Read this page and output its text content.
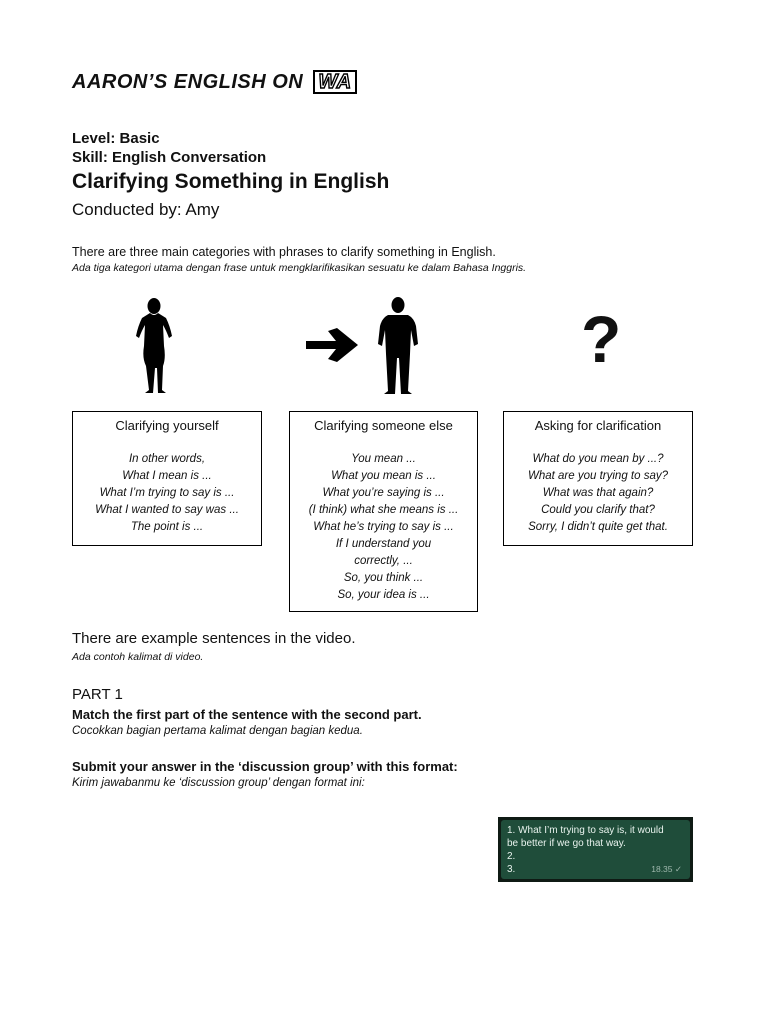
AARON’S ENGLISH ON WA
Level: Basic
Skill: English Conversation
Clarifying Something in English
Conducted by: Amy
There are three main categories with phrases to clarify something in English.
Ada tiga kategori utama dengan frase untuk mengklarifikasikan sesuatu ke dalam Bahasa Inggris.
?
Clarifying yourself
In other words,
What I mean is ...
What I’m trying to say is ...
What I wanted to say was ...
The point is ...
Clarifying someone else
You mean ...
What you mean is ...
What you’re saying is ...
(I think) what she means is ...
What he’s trying to say is ...
If I understand you
correctly, ...
So, you think ...
So, your idea is ...
Asking for clarification
What do you mean by ...?
What are you trying to say?
What was that again?
Could you clarify that?
Sorry, I didn’t quite get that.
There are example sentences in the video.
Ada contoh kalimat di video.
PART 1
Match the first part of the sentence with the second part.
Cocokkan bagian pertama kalimat dengan bagian kedua.
Submit your answer in the ‘discussion group’ with this format:
Kirim jawabanmu ke ‘discussion group’ dengan format ini:
1. What I’m trying to say is, it would
be better if we go that way.
2.
3.	18.35 ✓
